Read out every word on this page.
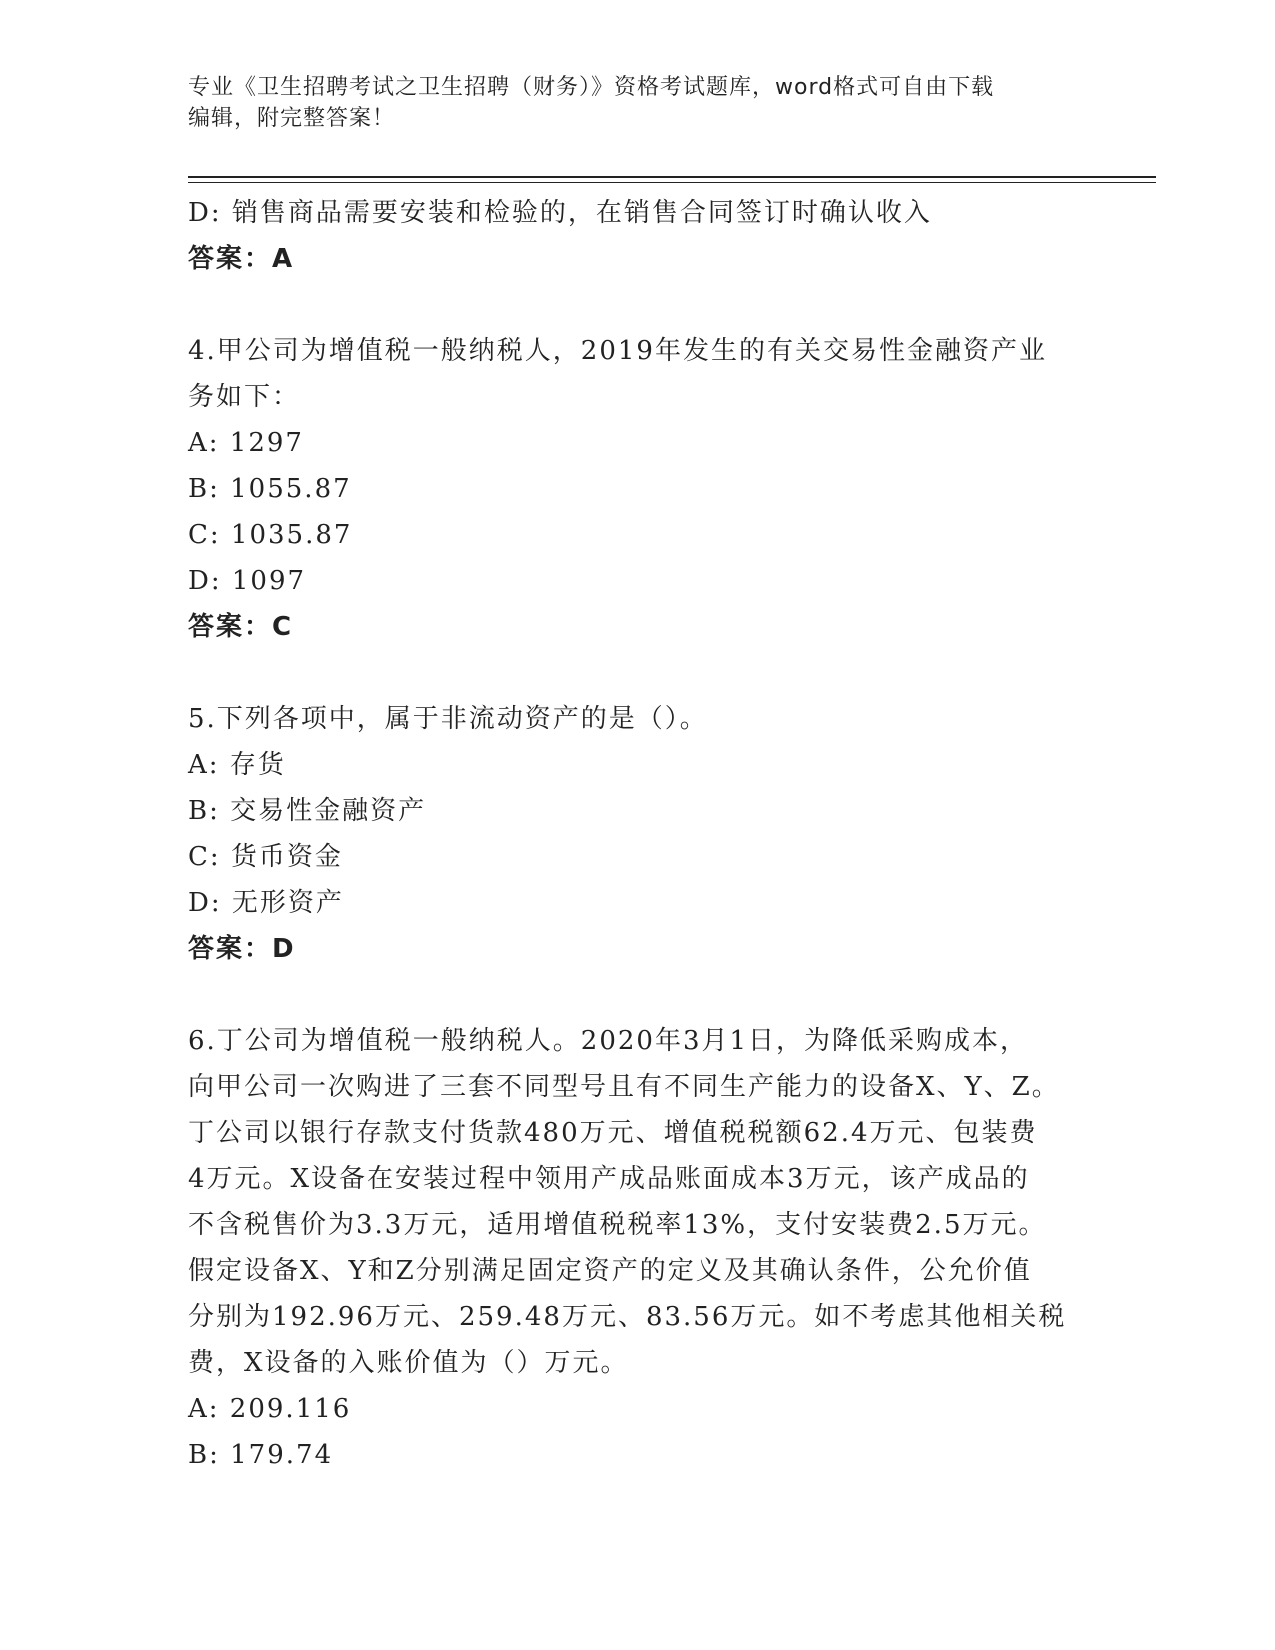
专业《卫生招聘考试之卫生招聘（财务）》资格考试题库，word格式可自由下载
编辑，附完整答案！
D: 销售商品需要安装和检验的，在销售合同签订时确认收入
答案：A
4.甲公司为增值税一般纳税人，2019年发生的有关交易性金融资产业
务如下：
A: 1297
B: 1055.87
C: 1035.87
D: 1097
答案：C
5.下列各项中，属于非流动资产的是（）。
A: 存货
B: 交易性金融资产
C: 货币资金
D: 无形资产
答案：D
6.丁公司为增值税一般纳税人。2020年3月1日，为降低采购成本，
向甲公司一次购进了三套不同型号且有不同生产能力的设备X、Y、Z。
丁公司以银行存款支付货款480万元、增值税税额62.4万元、包装费
4万元。X设备在安装过程中领用产成品账面成本3万元，该产成品的
不含税售价为3.3万元，适用增值税税率13%，支付安装费2.5万元。
假定设备X、Y和Z分别满足固定资产的定义及其确认条件，公允价值
分别为192.96万元、259.48万元、83.56万元。如不考虑其他相关税
费，X设备的入账价值为（）万元。
A: 209.116
B: 179.74
